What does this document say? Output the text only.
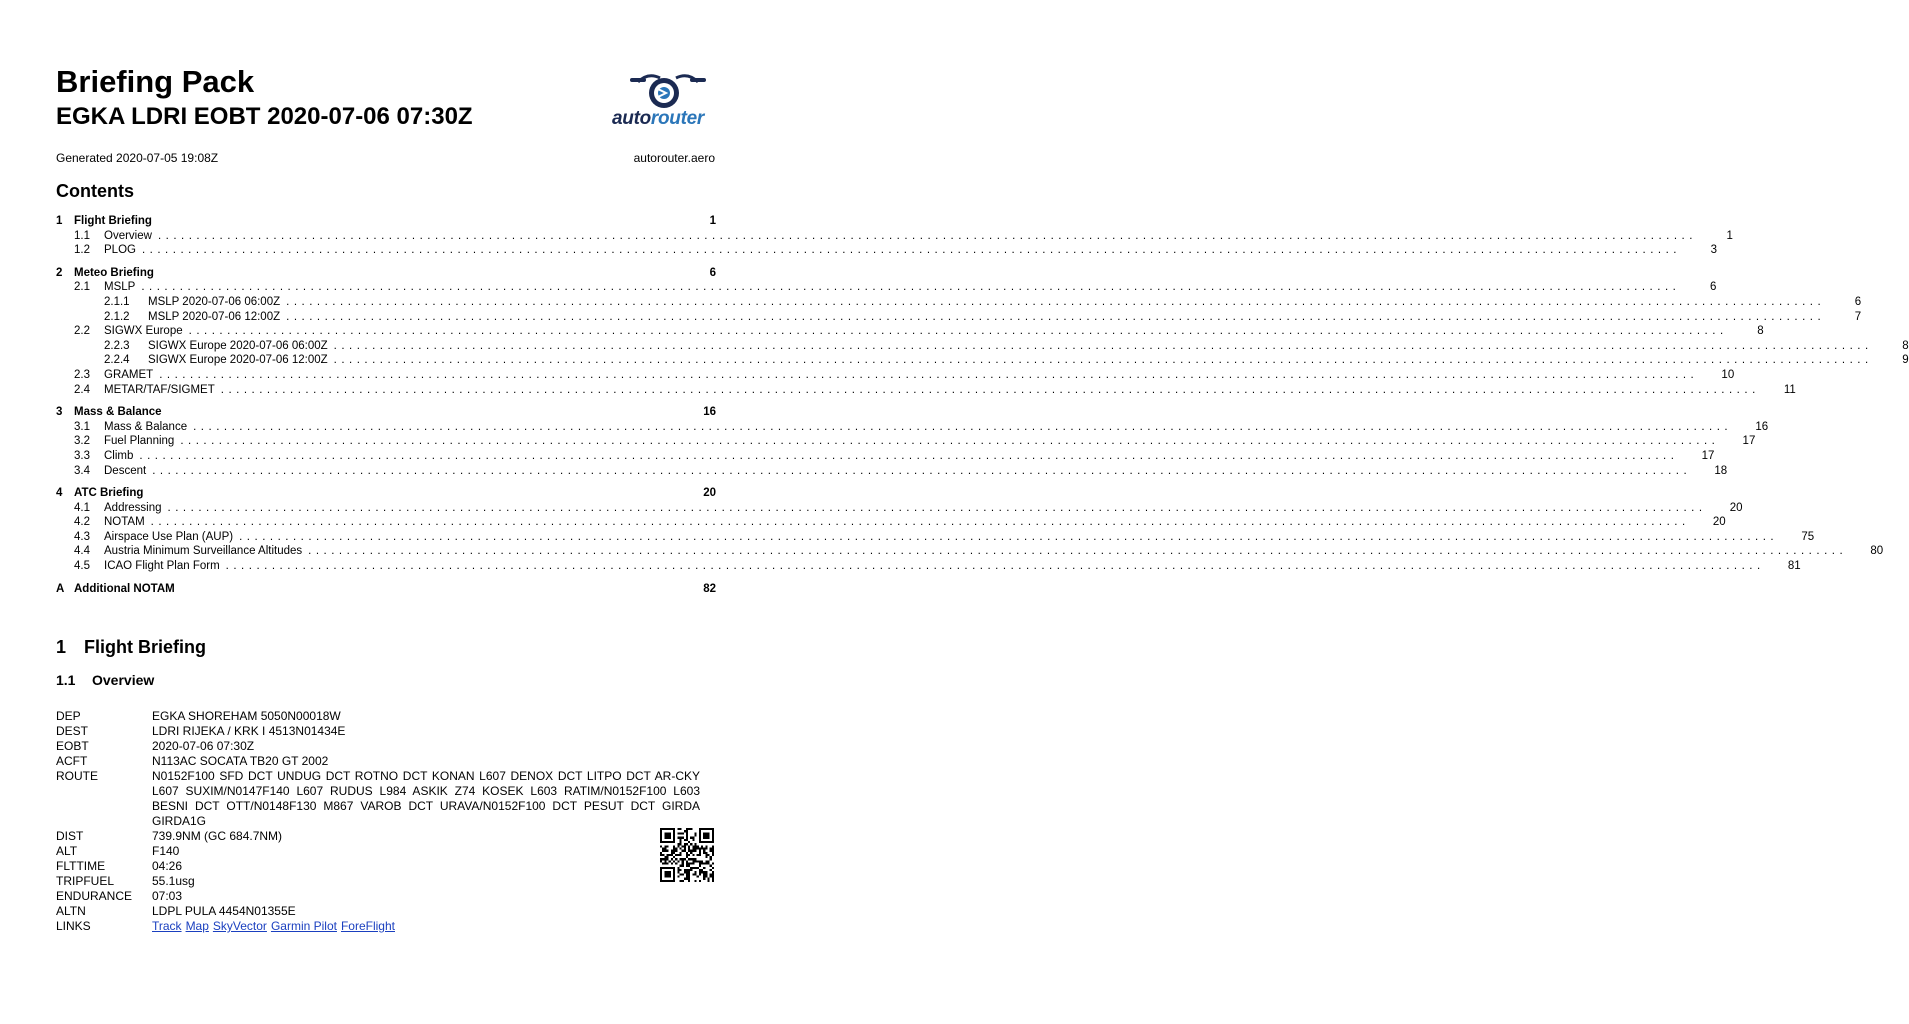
Briefing Pack
EGKA LDRI EOBT 2020-07-06 07:30Z	autorouter
Generated 2020-07-05 19:08Z	autorouter.aero
Contents
1	Flight Briefing	1
1.1	Overview ........................................................................................................................................................................................................	1
1.2	PLOG ........................................................................................................................................................................................................	3
2	Meteo Briefing	6
2.1	MSLP ........................................................................................................................................................................................................	6
2.1.1	MSLP 2020-07-06 06:00Z ........................................................................................................................................................................................................	6
2.1.2	MSLP 2020-07-06 12:00Z ........................................................................................................................................................................................................	7
2.2	SIGWX Europe ........................................................................................................................................................................................................	8
2.2.3	SIGWX Europe 2020-07-06 06:00Z ........................................................................................................................................................................................................	8
2.2.4	SIGWX Europe 2020-07-06 12:00Z ........................................................................................................................................................................................................	9
2.3	GRAMET ........................................................................................................................................................................................................	10
2.4	METAR/TAF/SIGMET ........................................................................................................................................................................................................	11
3	Mass & Balance	16
3.1	Mass & Balance ........................................................................................................................................................................................................	16
3.2	Fuel Planning ........................................................................................................................................................................................................	17
3.3	Climb ........................................................................................................................................................................................................	17
3.4	Descent ........................................................................................................................................................................................................	18
4	ATC Briefing	20
4.1	Addressing ........................................................................................................................................................................................................	20
4.2	NOTAM ........................................................................................................................................................................................................	20
4.3	Airspace Use Plan (AUP) ........................................................................................................................................................................................................	75
4.4	Austria Minimum Surveillance Altitudes ........................................................................................................................................................................................................	80
4.5	ICAO Flight Plan Form ........................................................................................................................................................................................................	81
A Additional NOTAM	82
1 Flight Briefing
1.1 Overview
DEP	EGKA SHOREHAM 5050N00018W
DEST	LDRI RIJEKA / KRK I 4513N01434E
EOBT	2020-07-06 07:30Z
ACFT	N113AC SOCATA TB20 GT 2002
ROUTE	N0152F100 SFD DCT UNDUG DCT ROTNO DCT KONAN L607 DENOX DCT LITPO DCT AR-CKY L607 SUXIM/N0147F140 L607 RUDUS L984 ASKIK Z74 KOSEK L603 RATIM/N0152F100 L603 BESNI DCT OTT/N0148F130 M867 VAROB DCT URAVA/N0152F100 DCT PESUT DCT GIRDA GIRDA1G
DIST	739.9NM (GC 684.7NM)
ALT	F140
FLTTIME	04:26
TRIPFUEL	55.1usg
ENDURANCE	07:03
ALTN	LDPL PULA 4454N01355E
LINKS	Track Map SkyVector Garmin Pilot ForeFlight
